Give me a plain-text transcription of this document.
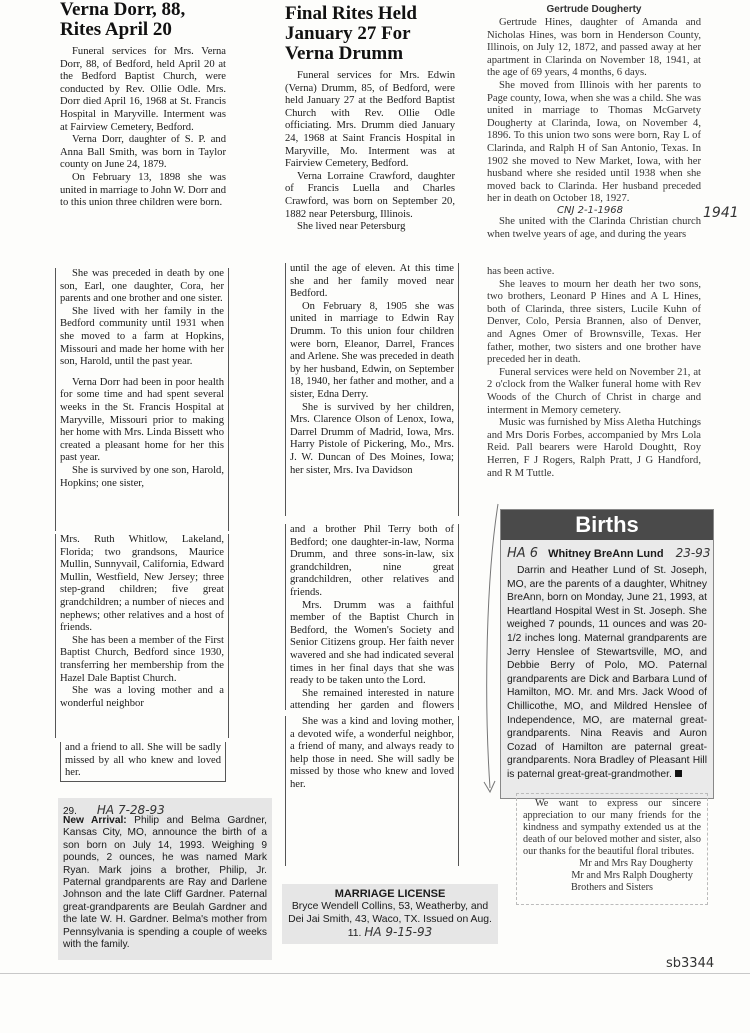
Verna Dorr, 88, Rites April 20

Funeral services for Mrs. Verna Dorr, 88, of Bedford, held April 20 at the Bedford Baptist Church, were conducted by Rev. Ollie Odle. Mrs. Dorr died April 16, 1968 at St. Francis Hospital in Maryville. Interment was at Fairview Cemetery, Bedford.

Verna Dorr, daughter of S. P. and Anna Ball Smith, was born in Taylor county on June 24, 1879.

On February 13, 1898 she was united in marriage to John W. Dorr and to this union three children were born.

She was preceded in death by one son, Earl, one daughter, Cora, her parents and one brother and one sister.

She lived with her family in the Bedford community until 1931 when she moved to a farm at Hopkins, Missouri and made her home with her son, Harold, until the past year.

Verna Dorr had been in poor health for some time and had spent several weeks in the St. Francis Hospital at Maryville, Missouri prior to making her home with Mrs. Linda Bissett who created a pleasant home for her this past year.

She is survived by one son, Harold, Hopkins; one sister,

Mrs. Ruth Whitlow, Lakeland, Florida; two grandsons, Maurice Mullin, Sunnyvail, California, Edward Mullin, Westfield, New Jersey; three step-grand children; five great grandchildren; a number of nieces and nephews; other relatives and a host of friends.

She has been a member of the First Baptist Church, Bedford since 1930, transferring her membership from the Hazel Dale Baptist Church.

She was a loving mother and a wonderful neighbor

and a friend to all. She will be sadly missed by all who knew and loved her.

29. HA 7-28-93

New Arrival: Philip and Belma Gardner, Kansas City, MO, announce the birth of a son born on July 14, 1993. Weighing 9 pounds, 2 ounces, he was named Mark Ryan. Mark joins a brother, Philip, Jr. Paternal grandparents are Ray and Darlene Johnson and the late Cliff Gardner. Paternal great-grandparents are Beulah Gardner and the late W. H. Gardner. Belma's mother from Pennsylvania is spending a couple of weeks with the family.

Final Rites Held January 27 For Verna Drumm

Funeral services for Mrs. Edwin (Verna) Drumm, 85, of Bedford, were held January 27 at the Bedford Baptist Church with Rev. Ollie Odle officiating. Mrs. Drumm died January 24, 1968 at Saint Francis Hospital in Maryville, Mo. Interment was at Fairview Cemetery, Bedford.

Verna Lorraine Crawford, daughter of Francis Luella and Charles Crawford, was born on September 20, 1882 near Petersburg, Illinois.

She lived near Petersburg

until the age of eleven. At this time she and her family moved near Bedford.

On February 8, 1905 she was united in marriage to Edwin Ray Drumm. To this union four children were born, Eleanor, Darrel, Frances and Arlene. She was preceded in death by her husband, Edwin, on September 18, 1940, her father and mother, and a sister, Edna Derry.

She is survived by her children, Mrs. Clarence Olson of Lenox, Iowa, Darrel Drumm of Madrid, Iowa, Mrs. Harry Pistole of Pickering, Mo., Mrs. J. W. Duncan of Des Moines, Iowa; her sister, Mrs. Iva Davidson

and a brother Phil Terry both of Bedford; one daughter-in-law, Norma Drumm, and three sons-in-law, six grandchildren, nine great grandchildren, other relatives and friends.

Mrs. Drumm was a faithful member of the Baptist Church in Bedford, the Women's Society and Senior Citizens group. Her faith never wavered and she had indicated several times in her final days that she was ready to be taken unto the Lord.

She remained interested in nature attending her garden and flowers

She was a kind and loving mother, a devoted wife, a wonderful neighbor, a friend of many, and always ready to help those in need. She will sadly be missed by those who knew and loved her.

MARRIAGE LICENSE

Bryce Wendell Collins, 53, Weatherby, and Dei Jai Smith, 43, Waco, TX. Issued on Aug. 11. HA 9-15-93

Gertrude Dougherty

Gertrude Hines, daughter of Amanda and Nicholas Hines, was born in Henderson County, Illinois, on July 12, 1872, and passed away at her apartment in Clarinda on November 18, 1941, at the age of 69 years, 4 months, 6 days.

She moved from Illinois with her parents to Page county, Iowa, when she was a child. She was united in marriage to Thomas McGarvety Dougherty at Clarinda, Iowa, on November 4, 1896. To this union two sons were born, Ray L of Clarinda, and Ralph H of San Antonio, Texas. In 1902 she moved to New Market, Iowa, with her husband where she resided until 1938 when she moved back to Clarinda. Her husband preceded her in death on October 18, 1927.

CNJ 2-1-1968

She united with the Clarinda Christian church when twelve years of age, and during the years

1941

has been active.

She leaves to mourn her death her two sons, two brothers, Leonard P Hines and A L Hines, both of Clarinda, three sisters, Lucile Kuhn of Denver, Colo, Persia Brannen, also of Denver, and Agnes Omer of Brownsville, Texas. Her father, mother, two sisters and one brother have preceded her in death.

Funeral services were held on November 21, at 2 o'clock from the Walker funeral home with Rev Woods of the Church of Christ in charge and interment in Memory cemetery.

Music was furnished by Miss Aletha Hutchings and Mrs Doris Forbes, accompanied by Mrs Lola Reid. Pall bearers were Harold Doughtt, Roy Herren, F J Rogers, Ralph Pratt, J G Handford, and R M Tuttle.

Births
HA 6 Whitney BreAnn Lund 23-93

Darrin and Heather Lund of St. Joseph, MO, are the parents of a daughter, Whitney BreAnn, born on Monday, June 21, 1993, at Heartland Hospital West in St. Joseph. She weighed 7 pounds, 11 ounces and was 20-1/2 inches long. Maternal grandparents are Jerry Henslee of Stewartsville, MO, and Debbie Berry of Polo, MO. Paternal grandparents are Dick and Barbara Lund of Hamilton, MO. Mr. and Mrs. Jack Wood of Chillicothe, MO, and Mildred Henslee of Independence, MO, are maternal great-grandparents. Nina Reavis and Auron Cozad of Hamilton are paternal great-grandparents. Nora Bradley of Pleasant Hill is paternal great-great-grandmother.

We want to express our sincere appreciation to our many friends for the kindness and sympathy extended us at the death of our beloved mother and sister, also our thanks for the beautiful floral tributes.

Mr and Mrs Ray Dougherty
Mr and Mrs Ralph Dougherty
Brothers and Sisters
sb3344
